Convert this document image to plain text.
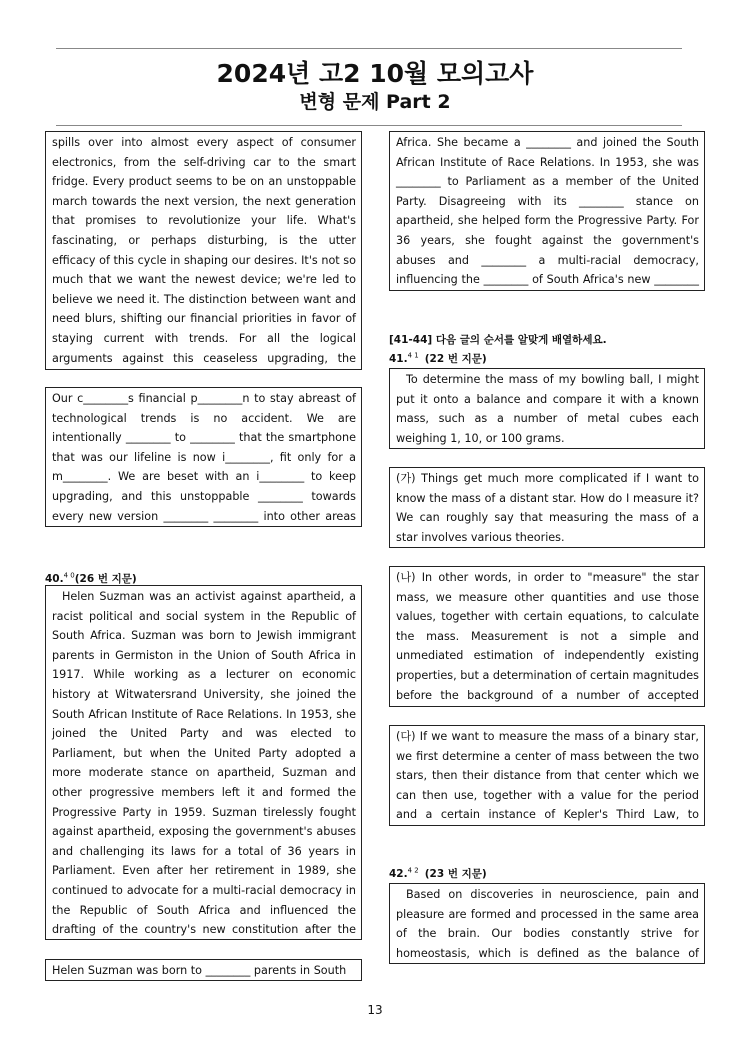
2024년 고2 10월 모의고사
변형 문제 Part 2
spills over into almost every aspect of consumer electronics, from the self-driving car to the smart fridge. Every product seems to be on an unstoppable march towards the next version, the next generation that promises to revolutionize your life. What's fascinating, or perhaps disturbing, is the utter efficacy of this cycle in shaping our desires. It's not so much that we want the newest device; we're led to believe we need it. The distinction between want and need blurs, shifting our financial priorities in favor of staying current with trends. For all the logical arguments against this ceaseless upgrading, the
Our c________s financial p________n to stay abreast of technological trends is no accident. We are intentionally ________ to ________ that the smartphone that was our lifeline is now i________, fit only for a m________. We are beset with an i________ to keep upgrading, and this unstoppable ________ towards every new version ________ ________ into other areas
40.$^{4 0}$(26 번 지문)
Helen Suzman was an activist against apartheid, a racist political and social system in the Republic of South Africa. Suzman was born to Jewish immigrant parents in Germiston in the Union of South Africa in 1917. While working as a lecturer on economic history at Witwatersrand University, she joined the South African Institute of Race Relations. In 1953, she joined the United Party and was elected to Parliament, but when the United Party adopted a more moderate stance on apartheid, Suzman and other progressive members left it and formed the Progressive Party in 1959. Suzman tirelessly fought against apartheid, exposing the government's abuses and challenging its laws for a total of 36 years in Parliament. Even after her retirement in 1989, she continued to advocate for a multi-racial democracy in the Republic of South Africa and influenced the drafting of the country's new constitution after the
Helen Suzman was born to ________ parents in South
Africa. She became a ________ and joined the South African Institute of Race Relations. In 1953, she was ________ to Parliament as a member of the United Party. Disagreeing with its ________ stance on apartheid, she helped form the Progressive Party. For 36 years, she fought against the government's abuses and ________ a multi-racial democracy, influencing the ________ of South Africa's new ________
[41-44] 다음 글의 순서를 알맞게 배열하세요.
41.$^{4 1}$ (22 번 지문)
To determine the mass of my bowling ball, I might put it onto a balance and compare it with a known mass, such as a number of metal cubes each weighing 1, 10, or 100 grams.
(가) Things get much more complicated if I want to know the mass of a distant star. How do I measure it? We can roughly say that measuring the mass of a star involves various theories.
(나) In other words, in order to "measure" the star mass, we measure other quantities and use those values, together with certain equations, to calculate the mass. Measurement is not a simple and unmediated estimation of independently existing properties, but a determination of certain magnitudes before the background of a number of accepted
(다) If we want to measure the mass of a binary star, we first determine a center of mass between the two stars, then their distance from that center which we can then use, together with a value for the period and a certain instance of Kepler's Third Law, to
42.$^{4 2}$ (23 번 지문)
Based on discoveries in neuroscience, pain and pleasure are formed and processed in the same area of the brain. Our bodies constantly strive for homeostasis, which is defined as the balance of
13
